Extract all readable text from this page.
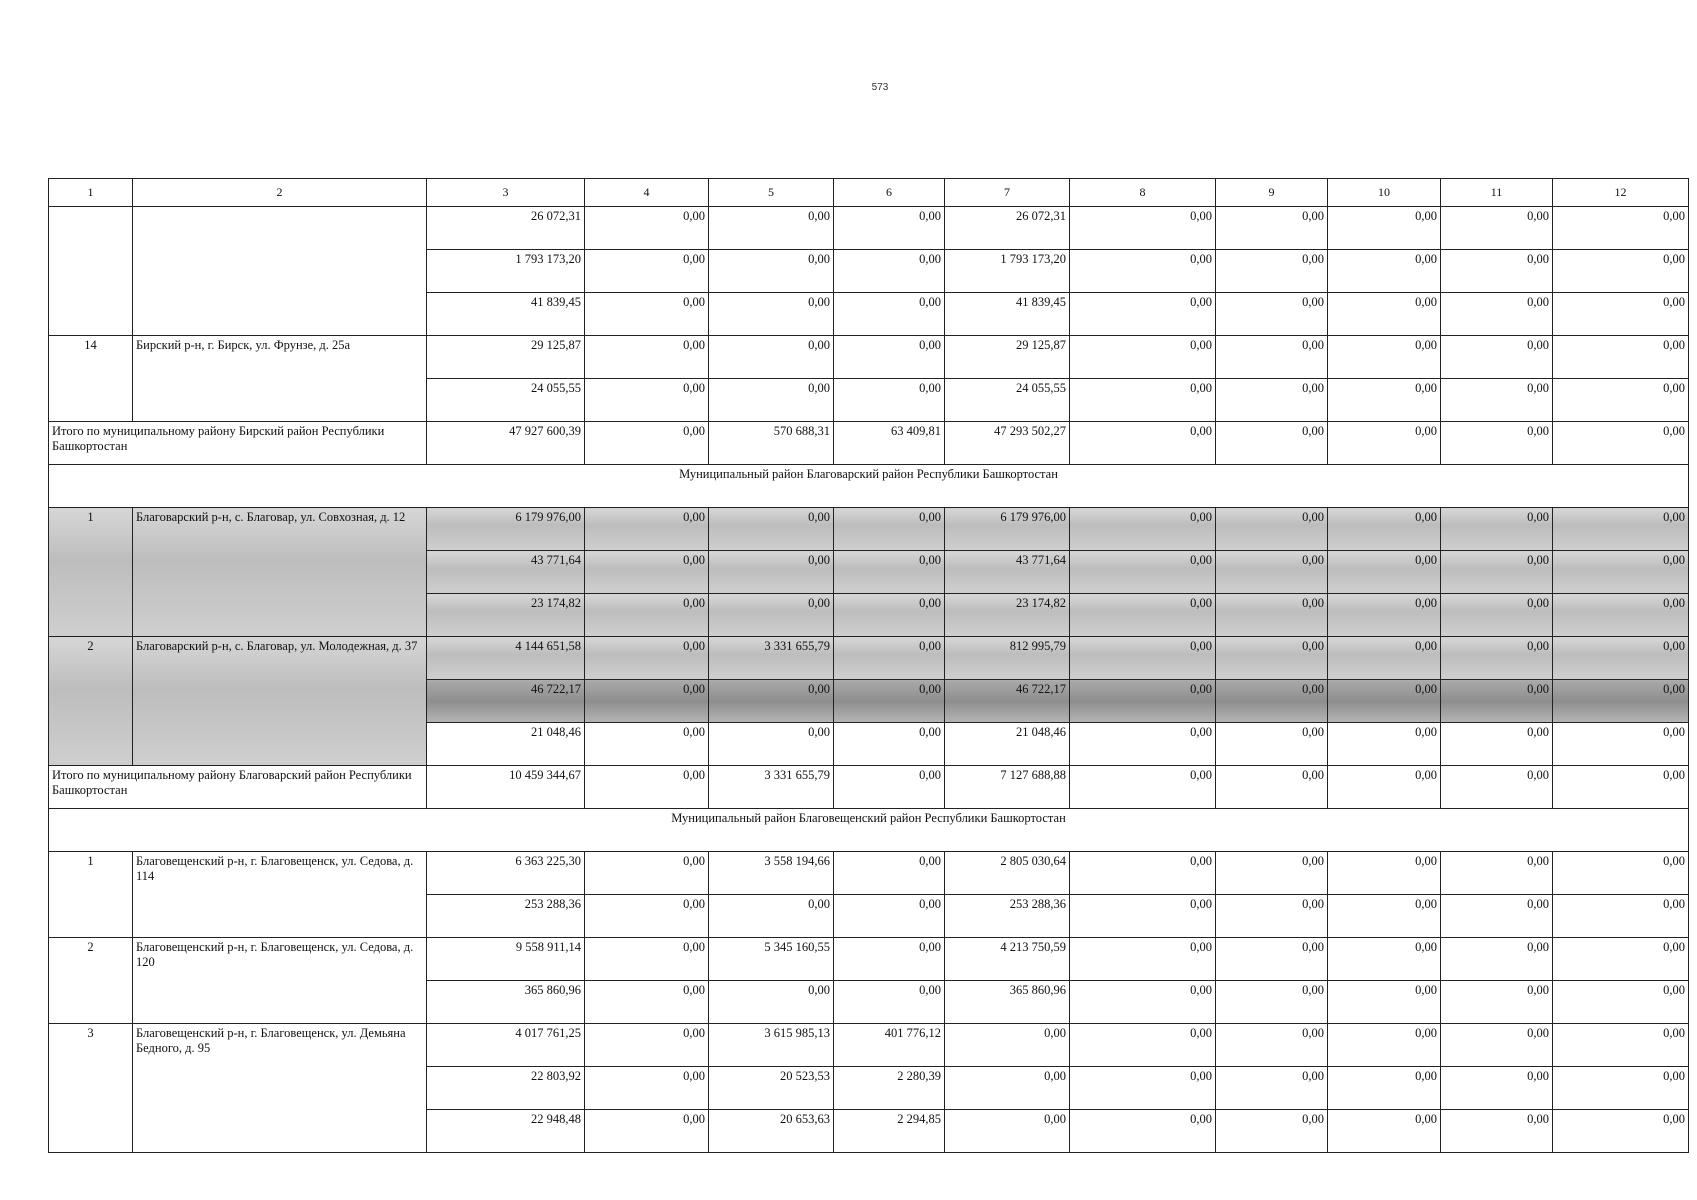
573
1	2	3	4	5	6	7	8	9	10	11	12
		26 072,31	0,00	0,00	0,00	26 072,31	0,00	0,00	0,00	0,00	0,00
		1 793 173,20	0,00	0,00	0,00	1 793 173,20	0,00	0,00	0,00	0,00	0,00
		41 839,45	0,00	0,00	0,00	41 839,45	0,00	0,00	0,00	0,00	0,00
14	Бирский р-н, г. Бирск, ул. Фрунзе, д. 25а	29 125,87	0,00	0,00	0,00	29 125,87	0,00	0,00	0,00	0,00	0,00
		24 055,55	0,00	0,00	0,00	24 055,55	0,00	0,00	0,00	0,00	0,00
Итого по муниципальному району Бирский район Республики Башкортостан		47 927 600,39	0,00	570 688,31	63 409,81	47 293 502,27	0,00	0,00	0,00	0,00	0,00
Муниципальный район Благоварский район Республики Башкортостан											
1	Благоварский р-н, с. Благовар, ул. Совхозная, д. 12	6 179 976,00	0,00	0,00	0,00	6 179 976,00	0,00	0,00	0,00	0,00	0,00
		43 771,64	0,00	0,00	0,00	43 771,64	0,00	0,00	0,00	0,00	0,00
		23 174,82	0,00	0,00	0,00	23 174,82	0,00	0,00	0,00	0,00	0,00
2	Благоварский р-н, с. Благовар, ул. Молодежная, д. 37	4 144 651,58	0,00	3 331 655,79	0,00	812 995,79	0,00	0,00	0,00	0,00	0,00
		46 722,17	0,00	0,00	0,00	46 722,17	0,00	0,00	0,00	0,00	0,00
		21 048,46	0,00	0,00	0,00	21 048,46	0,00	0,00	0,00	0,00	0,00
Итого по муниципальному району Благоварский район Республики Башкортостан		10 459 344,67	0,00	3 331 655,79	0,00	7 127 688,88	0,00	0,00	0,00	0,00	0,00
Муниципальный район Благовещенский район Республики Башкортостан											
1	Благовещенский р-н, г. Благовещенск, ул. Седова, д. 114	6 363 225,30	0,00	3 558 194,66	0,00	2 805 030,64	0,00	0,00	0,00	0,00	0,00
		253 288,36	0,00	0,00	0,00	253 288,36	0,00	0,00	0,00	0,00	0,00
2	Благовещенский р-н, г. Благовещенск, ул. Седова, д. 120	9 558 911,14	0,00	5 345 160,55	0,00	4 213 750,59	0,00	0,00	0,00	0,00	0,00
		365 860,96	0,00	0,00	0,00	365 860,96	0,00	0,00	0,00	0,00	0,00
3	Благовещенский р-н, г. Благовещенск, ул. Демьяна Бедного, д. 95	4 017 761,25	0,00	3 615 985,13	401 776,12	0,00	0,00	0,00	0,00	0,00	0,00
		22 803,92	0,00	20 523,53	2 280,39	0,00	0,00	0,00	0,00	0,00	0,00
		22 948,48	0,00	20 653,63	2 294,85	0,00	0,00	0,00	0,00	0,00	0,00
